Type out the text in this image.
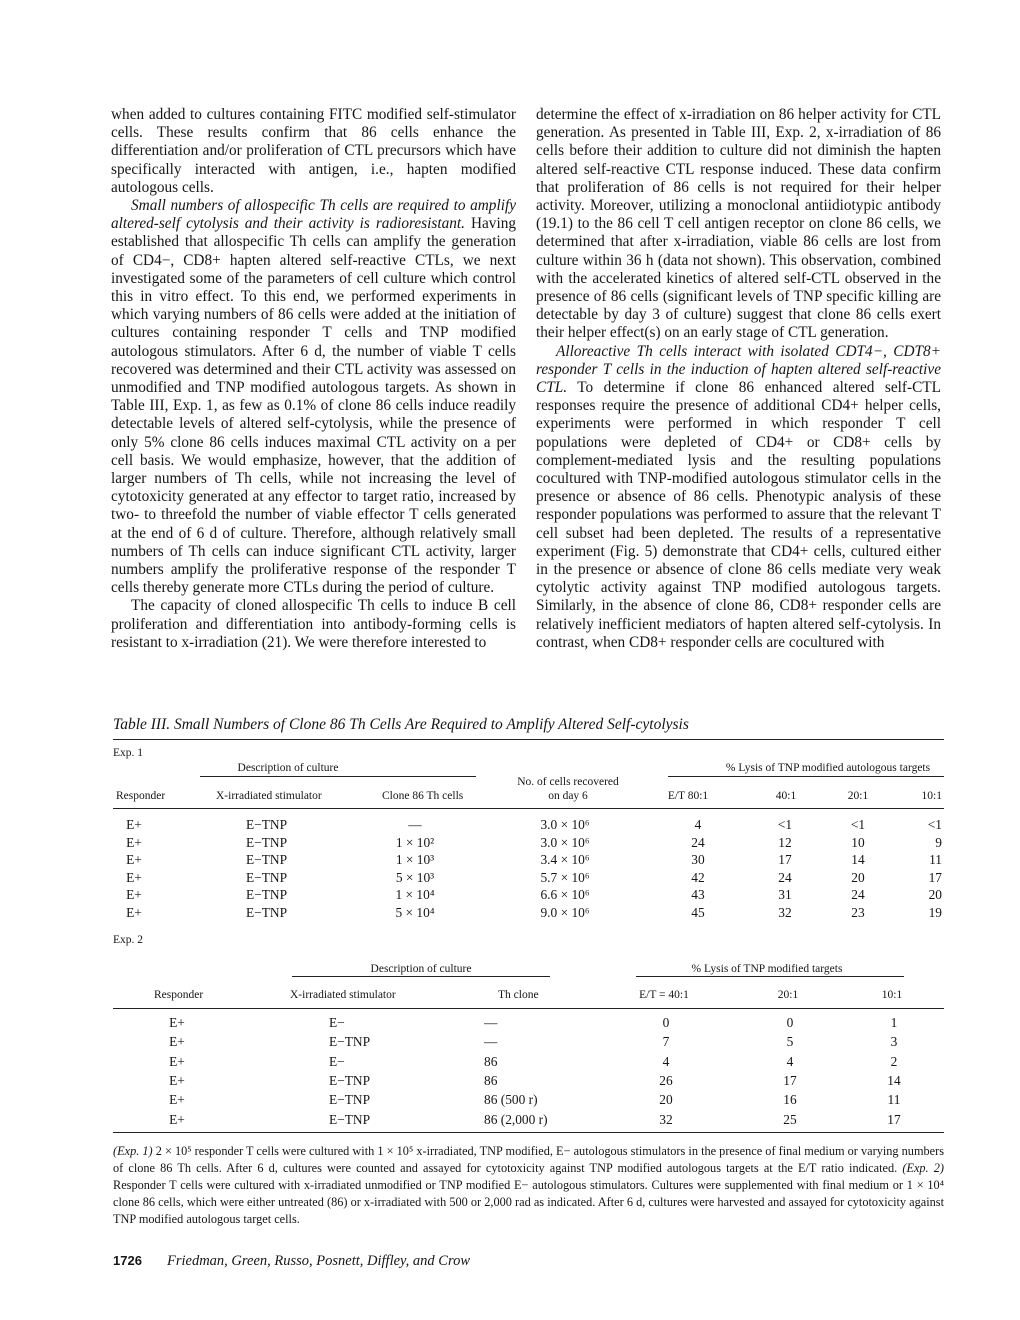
when added to cultures containing FITC modified self-stimulator cells. These results confirm that 86 cells enhance the differentiation and/or proliferation of CTL precursors which have specifically interacted with antigen, i.e., hapten modified autologous cells.

Small numbers of allospecific Th cells are required to amplify altered-self cytolysis and their activity is radioresistant. Having established that allospecific Th cells can amplify the generation of CD4−, CD8+ hapten altered self-reactive CTLs, we next investigated some of the parameters of cell culture which control this in vitro effect. To this end, we performed experiments in which varying numbers of 86 cells were added at the initiation of cultures containing responder T cells and TNP modified autologous stimulators. After 6 d, the number of viable T cells recovered was determined and their CTL activity was assessed on unmodified and TNP modified autologous targets. As shown in Table III, Exp. 1, as few as 0.1% of clone 86 cells induce readily detectable levels of altered self-cytolysis, while the presence of only 5% clone 86 cells induces maximal CTL activity on a per cell basis. We would emphasize, however, that the addition of larger numbers of Th cells, while not increasing the level of cytotoxicity generated at any effector to target ratio, increased by two- to threefold the number of viable effector T cells generated at the end of 6 d of culture. Therefore, although relatively small numbers of Th cells can induce significant CTL activity, larger numbers amplify the proliferative response of the responder T cells thereby generate more CTLs during the period of culture.

The capacity of cloned allospecific Th cells to induce B cell proliferation and differentiation into antibody-forming cells is resistant to x-irradiation (21). We were therefore interested to

determine the effect of x-irradiation on 86 helper activity for CTL generation. As presented in Table III, Exp. 2, x-irradiation of 86 cells before their addition to culture did not diminish the hapten altered self-reactive CTL response induced. These data confirm that proliferation of 86 cells is not required for their helper activity. Moreover, utilizing a monoclonal antiidiotypic antibody (19.1) to the 86 cell T cell antigen receptor on clone 86 cells, we determined that after x-irradiation, viable 86 cells are lost from culture within 36 h (data not shown). This observation, combined with the accelerated kinetics of altered self-CTL observed in the presence of 86 cells (significant levels of TNP specific killing are detectable by day 3 of culture) suggest that clone 86 cells exert their helper effect(s) on an early stage of CTL generation.

Alloreactive Th cells interact with isolated CDT4−, CDT8+ responder T cells in the induction of hapten altered self-reactive CTL. To determine if clone 86 enhanced altered self-CTL responses require the presence of additional CD4+ helper cells, experiments were performed in which responder T cell populations were depleted of CD4+ or CD8+ cells by complement-mediated lysis and the resulting populations cocultured with TNP-modified autologous stimulator cells in the presence or absence of 86 cells. Phenotypic analysis of these responder populations was performed to assure that the relevant T cell subset had been depleted. The results of a representative experiment (Fig. 5) demonstrate that CD4+ cells, cultured either in the presence or absence of clone 86 cells mediate very weak cytolytic activity against TNP modified autologous targets. Similarly, in the absence of clone 86, CD8+ responder cells are relatively inefficient mediators of hapten altered self-cytolysis. In contrast, when CD8+ responder cells are cocultured with

Table III. Small Numbers of Clone 86 Th Cells Are Required to Amplify Altered Self-cytolysis
Exp. 1
Description of culture	% Lysis of TNP modified autologous targets
Responder	X-irradiated stimulator	Clone 86 Th cells
No. of cells recovered on day 6	E/T 80:1	40:1	20:1	10:1
E+	E−TNP	—	3.0 × 10⁶	4	<1	<1	<1
E+	E−TNP	1 × 10²	3.0 × 10⁶	24	12	10	9
E+	E−TNP	1 × 10³	3.4 × 10⁶	30	17	14	11
E+	E−TNP	5 × 10³	5.7 × 10⁶	42	24	20	17
E+	E−TNP	1 × 10⁴	6.6 × 10⁶	43	31	24	20
E+	E−TNP	5 × 10⁴	9.0 × 10⁶	45	32	23	19
Exp. 2
Description of culture	% Lysis of TNP modified targets
Responder	X-irradiated stimulator	Th clone	E/T = 40:1	20:1	10:1
E+	E−	—	0	0	1
E+	E−TNP	—	7	5	3
E+	E−	86	4	4	2
E+	E−TNP	86	26	17	14
E+	E−TNP	86 (500 r)	20	16	11
E+	E−TNP	86 (2,000 r)	32	25	17
(Exp. 1) 2 × 10⁵ responder T cells were cultured with 1 × 10⁵ x-irradiated, TNP modified, E− autologous stimulators in the presence of final medium or varying numbers of clone 86 Th cells. After 6 d, cultures were counted and assayed for cytotoxicity against TNP modified autologous targets at the E/T ratio indicated. (Exp. 2) Responder T cells were cultured with x-irradiated unmodified or TNP modified E− autologous stimulators. Cultures were supplemented with final medium or 1 × 10⁴ clone 86 cells, which were either untreated (86) or x-irradiated with 500 or 2,000 rad as indicated. After 6 d, cultures were harvested and assayed for cytotoxicity against TNP modified autologous target cells.
1726 Friedman, Green, Russo, Posnett, Diffley, and Crow
